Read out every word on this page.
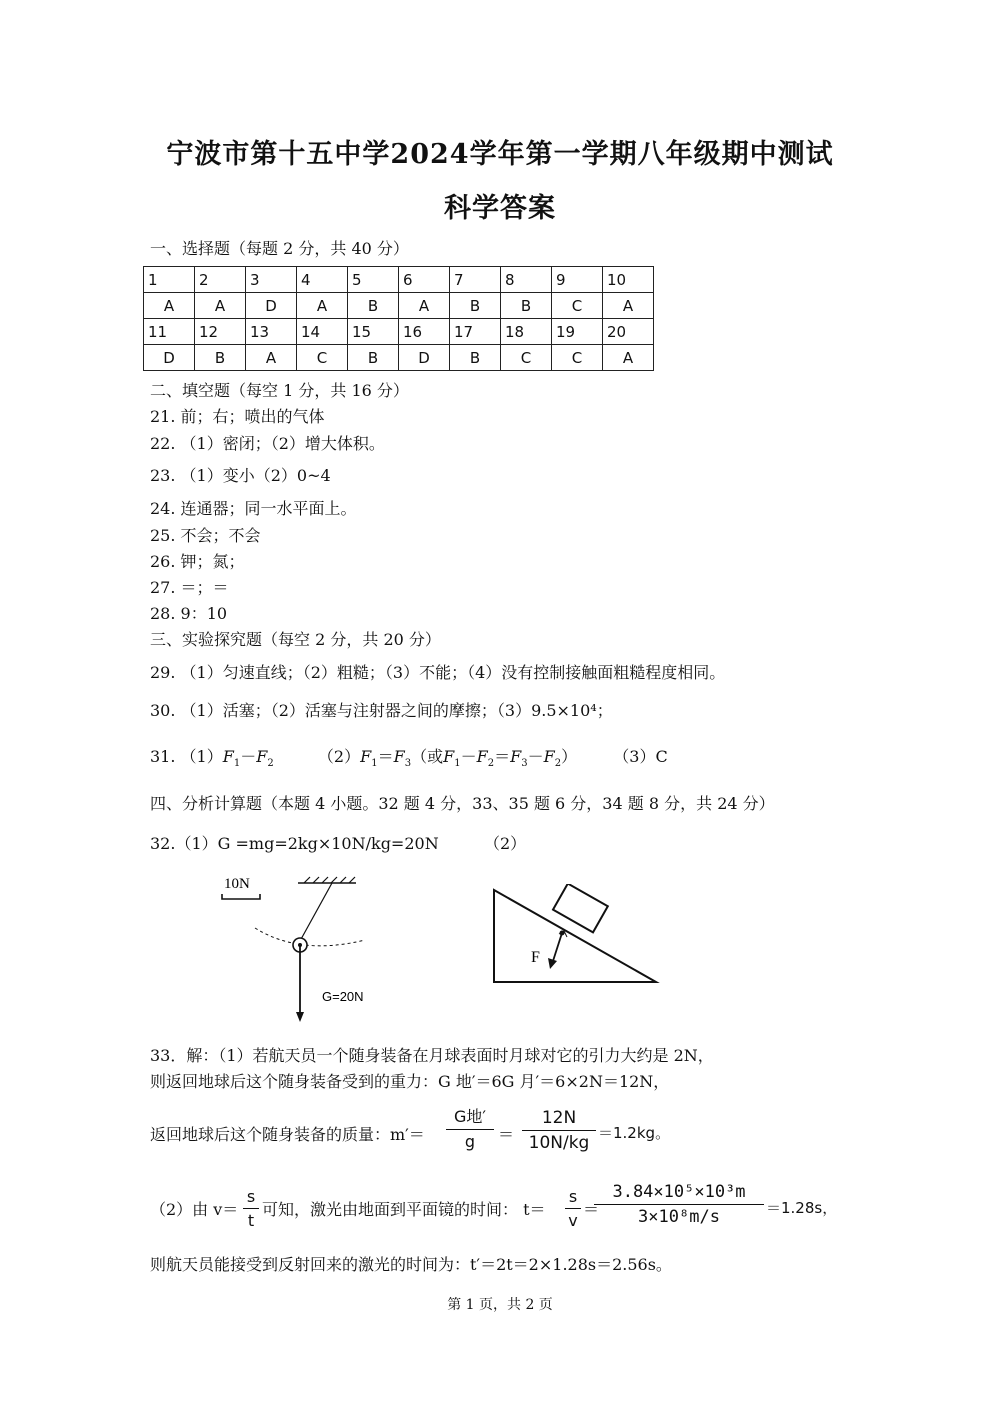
宁波市第十五中学2024学年第一学期八年级期中测试
科学答案
一、选择题（每题 2 分，共 40 分）
1	2	3	4	5	6	7	8	9	10
A	A	D	A	B	A	B	B	C	A
11	12	13	14	15	16	17	18	19	20
D	B	A	C	B	D	B	C	C	A
二、填空题（每空 1 分，共 16 分）
21. 前；右；喷出的气体
22. （1）密闭；（2）增大体积。
23. （1）变小（2）0~4
24. 连通器；同一水平面上。
25. 不会；不会
26. 钾；氮；
27. ＝；＝
28. 9：10
三、实验探究题（每空 2 分，共 20 分）
29. （1）匀速直线；（2）粗糙；（3）不能；（4）没有控制接触面粗糙程度相同。
30. （1）活塞；（2）活塞与注射器之间的摩擦；（3）9.5×10⁴；
31. $(1)F_1-F_2$	$(2)F_1=F_3$（或$F_1-F_2=F_3-F_2$） （3）C
四、分析计算题（本题 4 小题。32 题 4 分，33、35 题 6 分，34 题 8 分，共 24 分）
32.（1）G =mg=2kg×10N/kg=20N	（2）
10N
G=20N
F
33．解：（1）若航天员一个随身装备在月球表面时月球对它的引力大约是 2N，
则返回地球后这个随身装备受到的重力：G 地′＝6G 月′＝6×2N＝12N，
返回地球后这个随身装备的质量：m′＝
G地′
g	＝
12N
10N/kg ＝1.2kg。
（2）由 v＝
s
t
可知，激光由地面到平面镜的时间： t＝
s
v
＝
3.84×10⁵×10³m
3×10⁸m/s	＝1.28s，
则航天员能接受到反射回来的激光的时间为：t′＝2t＝2×1.28s＝2.56s。
第 1 页，共 2 页
